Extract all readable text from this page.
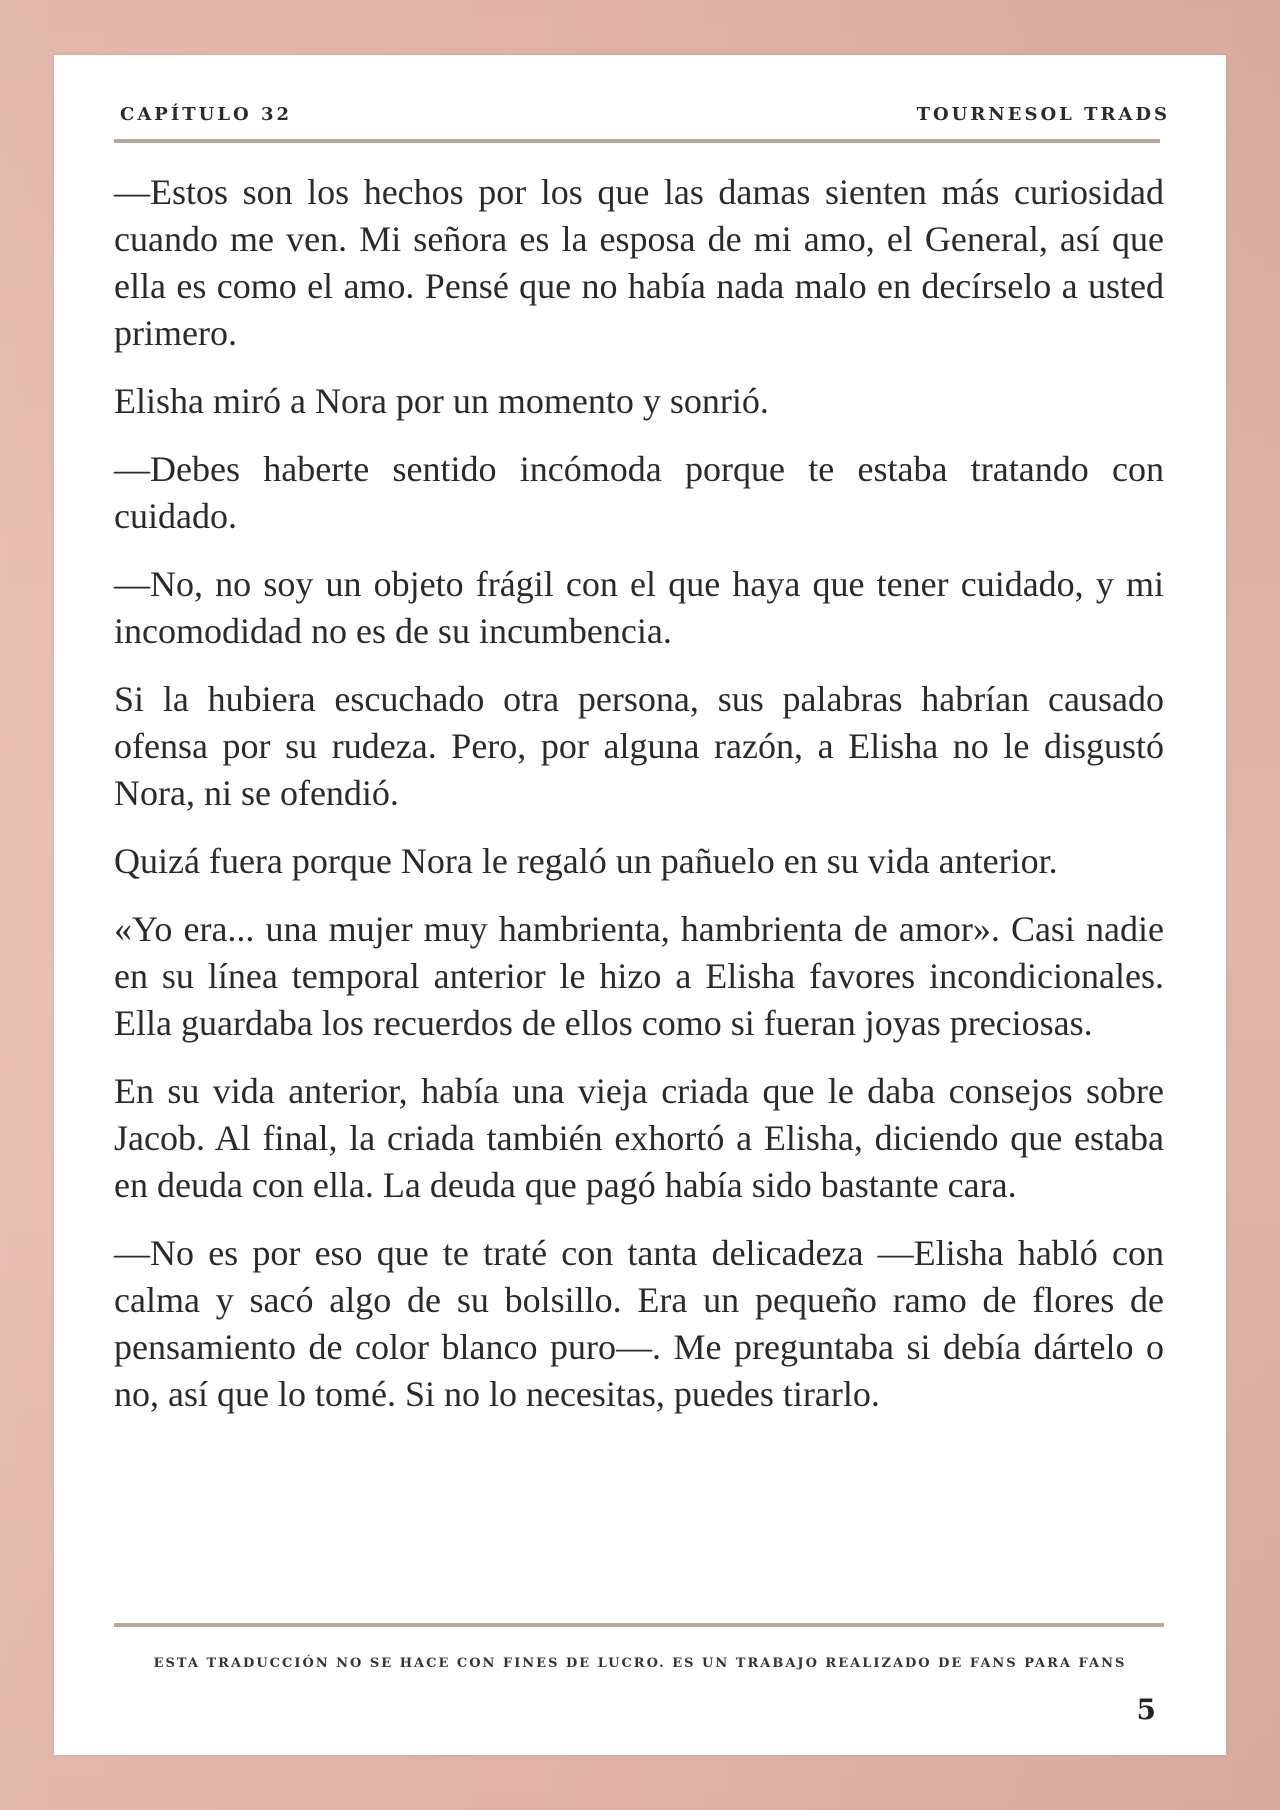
CAPÍTULO 32	TOURNESOL TRADS

—Estos son los hechos por los que las damas sienten más curiosidad cuando me ven. Mi señora es la esposa de mi amo, el General, así que ella es como el amo. Pensé que no había nada malo en decírselo a usted primero.

Elisha miró a Nora por un momento y sonrió.

—Debes haberte sentido incómoda porque te estaba tratando con cuidado.

—No, no soy un objeto frágil con el que haya que tener cuidado, y mi incomodidad no es de su incumbencia.

Si la hubiera escuchado otra persona, sus palabras habrían causado ofensa por su rudeza. Pero, por alguna razón, a Elisha no le disgustó Nora, ni se ofendió.

Quizá fuera porque Nora le regaló un pañuelo en su vida anterior.

«Yo era... una mujer muy hambrienta, hambrienta de amor». Casi nadie en su línea temporal anterior le hizo a Elisha favores incondicionales. Ella guardaba los recuerdos de ellos como si fueran joyas preciosas.

En su vida anterior, había una vieja criada que le daba consejos sobre Jacob. Al final, la criada también exhortó a Elisha, diciendo que estaba en deuda con ella. La deuda que pagó había sido bastante cara.

—No es por eso que te traté con tanta delicadeza —Elisha habló con calma y sacó algo de su bolsillo. Era un pequeño ramo de flores de pensamiento de color blanco puro—. Me preguntaba si debía dártelo o no, así que lo tomé. Si no lo necesitas, puedes tirarlo.

ESTA TRADUCCIÓN NO SE HACE CON FINES DE LUCRO. ES UN TRABAJO REALIZADO DE FANS PARA FANS
5
